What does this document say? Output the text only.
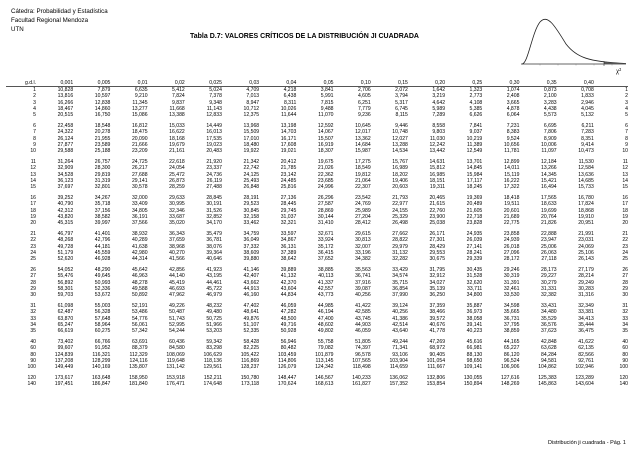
Cátedra: Probabilidad y Estadística
Facultad Regional Mendoza
UTN
Tabla D.7: VALORES CRÍTICOS DE LA DISTRIBUCIÓN JI CUADRADA
χ²
g.d.l.	0,001	0,005	0,01	0,02	0,025	0,03	0,04	0,05	0,10	0,15	0,20	0,25	0,30	0,35	0,40	
1	10,828	7,879	6,635	5,412	5,024	4,709	4,218	3,841	2,706	2,072	1,642	1,323	1,074	0,873	0,708	1
2	13,816	10,597	9,210	7,824	7,378	7,013	6,438	5,991	4,605	3,794	3,219	2,773	2,408	2,100	1,833	2
3	16,266	12,838	11,345	9,837	9,348	8,947	8,311	7,815	6,251	5,317	4,642	4,108	3,665	3,283	2,946	3
4	18,467	14,860	13,277	11,668	11,143	10,712	10,026	9,488	7,779	6,745	5,989	5,385	4,878	4,438	4,045	4
5	20,515	16,750	15,086	13,388	12,833	12,375	11,644	11,070	9,236	8,115	7,289	6,626	6,064	5,573	5,132	5

6	22,458	18,548	16,812	15,033	14,449	13,968	13,198	12,592	10,645	9,446	8,558	7,841	7,231	6,695	6,211	6
7	24,322	20,278	18,475	16,622	16,013	15,509	14,703	14,067	12,017	10,748	9,803	9,037	8,383	7,806	7,283	7
8	26,124	21,955	20,090	18,168	17,535	17,010	16,171	15,507	13,362	12,027	11,030	10,219	9,524	8,909	8,351	8
9	27,877	23,589	21,666	19,679	19,023	18,480	17,608	16,919	14,684	13,288	12,242	11,389	10,656	10,006	9,414	9
10	29,588	25,188	23,209	21,161	20,483	19,922	19,021	18,307	15,987	14,534	13,442	12,549	11,781	11,097	10,473	10

11	31,264	26,757	24,725	22,618	21,920	21,342	20,412	19,675	17,275	15,767	14,631	13,701	12,899	12,184	11,530	11
12	32,909	28,300	26,217	24,054	23,337	22,742	21,785	21,026	18,549	16,989	15,812	14,845	14,011	13,266	12,584	12
13	34,528	29,819	27,688	25,472	24,736	24,125	23,142	22,362	19,812	18,202	16,985	15,984	15,119	14,345	13,636	13
14	36,123	31,319	29,141	26,873	26,119	25,493	24,485	23,685	21,064	19,406	18,151	17,117	16,222	15,421	14,685	14
15	37,697	32,801	30,578	28,259	27,488	26,848	25,816	24,996	22,307	20,603	19,311	18,245	17,322	16,494	15,733	15

16	39,252	34,267	32,000	29,633	28,845	28,191	27,136	26,296	23,542	21,793	20,465	19,369	18,418	17,565	16,780	16
17	40,790	35,718	33,409	30,995	30,191	29,523	28,445	27,587	24,769	22,977	21,615	20,489	19,511	18,633	17,824	17
18	42,312	37,156	34,805	32,346	31,526	30,845	29,745	28,869	25,989	24,155	22,760	21,605	20,601	19,699	18,868	18
19	43,820	38,582	36,191	33,687	32,852	32,158	31,037	30,144	27,204	25,329	23,900	22,718	21,689	20,764	19,910	19
20	45,315	39,997	37,566	35,020	34,170	33,462	32,321	31,410	28,412	26,498	25,038	23,828	22,775	21,826	20,951	20

21	46,797	41,401	38,932	36,343	35,479	34,759	33,597	32,671	29,615	27,662	26,171	24,935	23,858	22,888	21,991	21
22	48,268	42,796	40,289	37,659	36,781	36,049	34,867	33,924	30,813	28,822	27,301	26,039	24,939	23,947	23,031	22
23	49,728	44,181	41,638	38,968	38,076	37,332	36,131	35,172	32,007	29,979	28,429	27,141	26,018	25,006	24,069	23
24	51,179	45,559	42,980	40,270	39,364	38,609	37,389	36,415	33,196	31,132	29,553	28,241	27,096	26,063	25,106	24
25	52,620	46,928	44,314	41,566	40,646	39,880	38,642	37,652	34,382	32,282	30,675	29,339	28,172	27,118	26,143	25

26	54,052	48,290	45,642	42,856	41,923	41,146	39,889	38,885	35,563	33,429	31,795	30,435	29,246	28,173	27,179	26
27	55,476	49,645	46,963	44,140	43,195	42,407	41,132	40,113	36,741	34,574	32,912	31,528	30,319	29,227	28,214	27
28	56,892	50,993	48,278	45,419	44,461	43,662	42,370	41,337	37,916	35,715	34,027	32,620	31,391	30,279	29,249	28
29	58,301	52,336	49,588	46,693	45,722	44,913	43,604	42,557	39,087	36,854	35,139	33,711	32,461	31,331	30,283	29
30	59,703	53,672	50,892	47,962	46,979	46,160	44,834	43,773	40,256	37,990	36,250	34,800	33,530	32,382	31,316	30

31	61,098	55,003	52,191	49,226	48,232	47,402	46,059	44,985	41,422	39,124	37,359	35,887	34,598	33,431	32,349	31
32	62,487	56,328	53,486	50,487	49,480	48,641	47,282	46,194	42,585	40,256	38,466	36,973	35,665	34,480	33,381	32
33	63,870	57,648	54,776	51,743	50,725	49,876	48,500	47,400	43,745	41,386	39,572	38,058	36,731	35,529	34,413	33
34	65,247	58,964	56,061	52,995	51,966	51,107	49,716	48,602	44,903	42,514	40,676	39,141	37,795	36,576	35,444	34
35	66,619	60,275	57,342	54,244	53,203	52,335	50,928	49,802	46,059	43,640	41,778	40,223	38,859	37,623	36,475	35

40	73,402	66,766	63,691	60,436	59,342	58,428	56,946	55,758	51,805	49,244	47,269	45,616	44,165	42,848	41,622	40
60	99,607	91,952	88,379	84,580	83,298	82,225	80,482	79,082	74,397	71,341	68,972	66,981	65,227	63,628	62,135	60
80	124,839	116,321	112,329	108,069	106,629	105,422	103,459	101,879	96,578	93,106	90,405	88,130	86,120	84,284	82,566	80
90	137,208	128,299	124,116	119,648	118,136	116,869	114,806	113,145	107,565	103,904	101,054	98,650	96,524	94,581	92,761	90
100	149,449	140,169	135,807	131,142	129,561	128,237	126,079	124,342	118,498	114,659	111,667	109,141	106,906	104,862	102,946	100

120	173,617	163,648	158,950	153,918	152,211	150,780	148,447	146,567	140,233	136,062	132,806	130,055	127,616	125,383	123,289	120
140	197,451	186,847	181,840	176,471	174,648	173,118	170,624	168,613	161,827	157,352	153,854	150,894	148,269	145,863	143,604	140
Distribución ji cuadrada - Pág. 1
